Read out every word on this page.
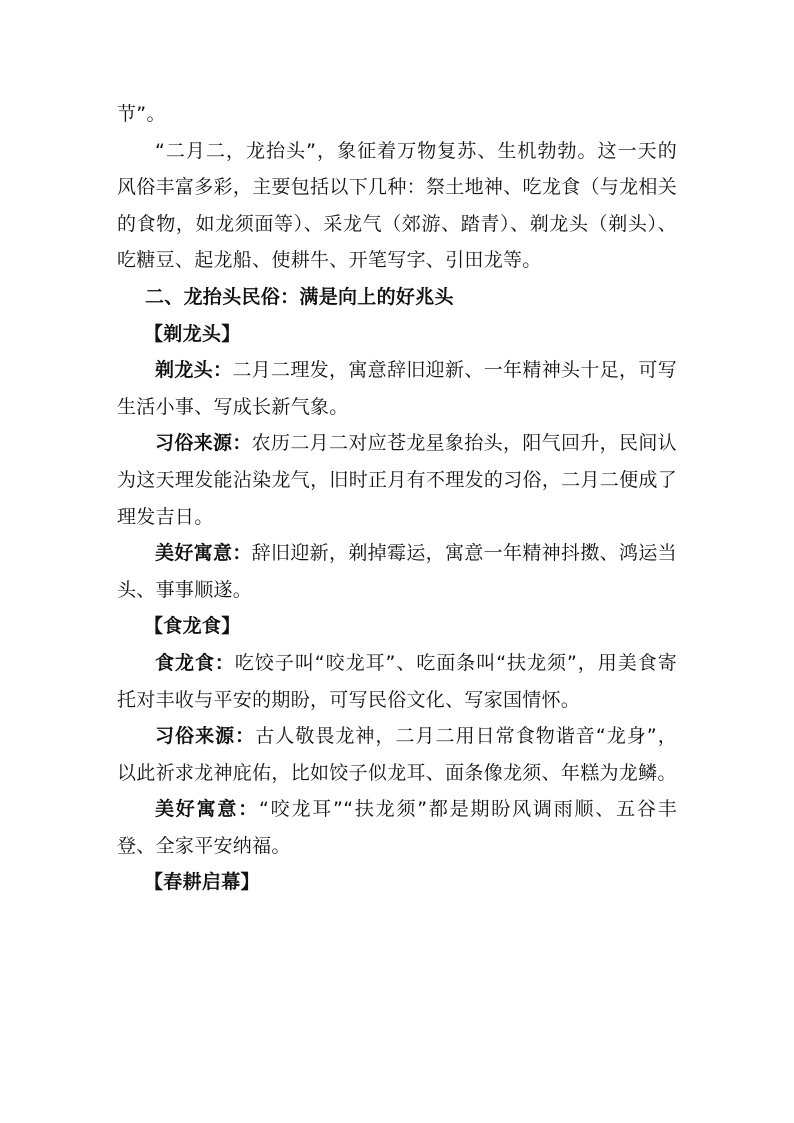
节”。

“二月二，龙抬头”，象征着万物复苏、生机勃勃。这一天的风俗丰富多彩，主要包括以下几种：祭土地神、吃龙食（与龙相关的食物，如龙须面等）、采龙气（郊游、踏青）、剃龙头（剃头）、吃糖豆、起龙船、使耕牛、开笔写字、引田龙等。

二、龙抬头民俗：满是向上的好兆头

【剃龙头】

剃龙头：二月二理发，寓意辞旧迎新、一年精神头十足，可写生活小事、写成长新气象。

习俗来源：农历二月二对应苍龙星象抬头，阳气回升，民间认为这天理发能沾染龙气，旧时正月有不理发的习俗，二月二便成了理发吉日。

美好寓意：辞旧迎新，剃掉霉运，寓意一年精神抖擞、鸿运当头、事事顺遂。

【食龙食】

食龙食：吃饺子叫“咬龙耳”、吃面条叫“扶龙须”，用美食寄托对丰收与平安的期盼，可写民俗文化、写家国情怀。

习俗来源：古人敬畏龙神，二月二用日常食物谐音“龙身”，以此祈求龙神庇佑，比如饺子似龙耳、面条像龙须、年糕为龙鳞。

美好寓意：“咬龙耳”“扶龙须”都是期盼风调雨顺、五谷丰登、全家平安纳福。

【春耕启幕】
